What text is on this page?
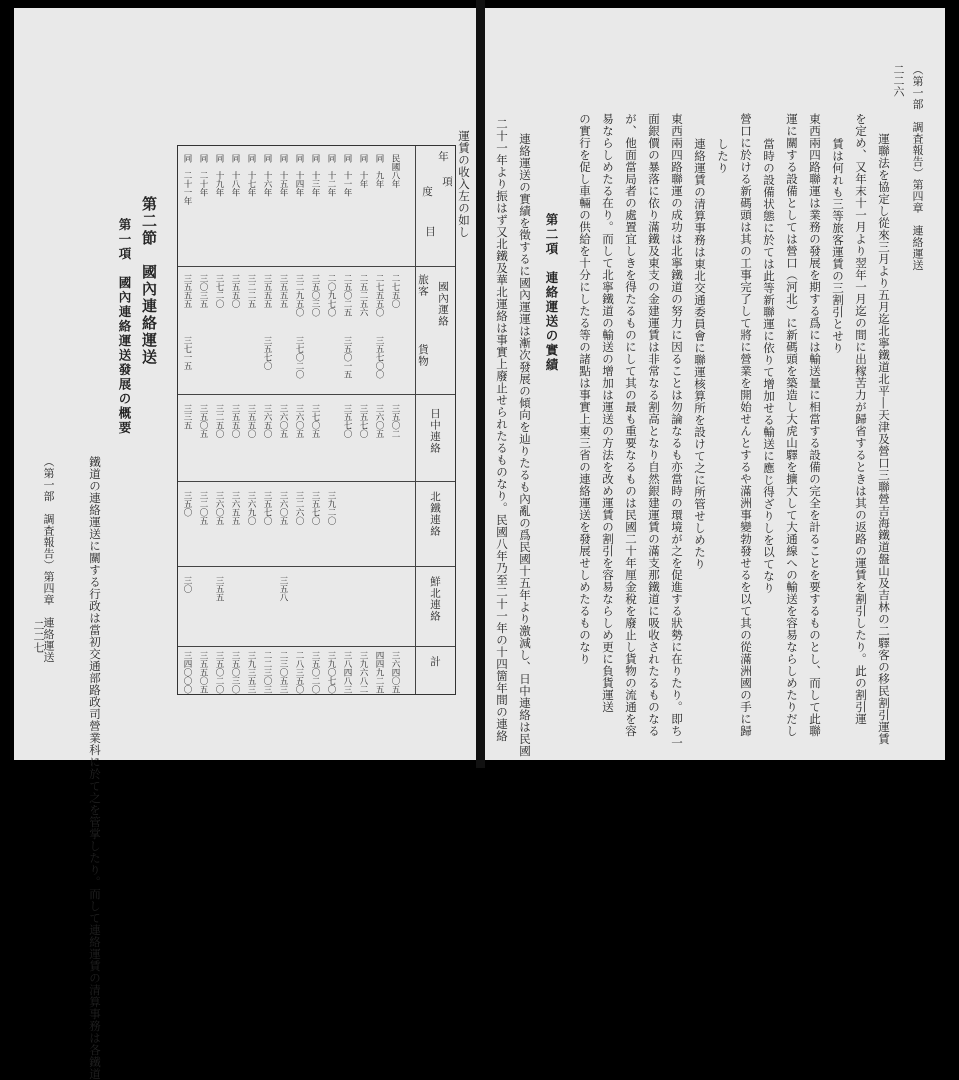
二二七
（第一部　調査報告）第四章　連絡運送	鐵道の連絡運送に關する行政は當初交通部路政司營業科に於て之を管掌したり。而して連絡運賃の清算事務は各鐵道
第一項　國內連絡運送發展の概要 第二節　國內連絡運送
運賃の收入左の如し
年
度
項
目
國內運絡
旅客
貨物
日中連絡
北鐵連絡
鮮北連絡
計
民國八年
二七五〇
三五〇二
三六四〇五
同　九年
二七五五〇
三五七〇〇
三六〇五
四四九二五
同　十年
二五二五六
三五七〇
三九六八二
同　十一年
二五〇二五
三五〇一五
三五七〇
三八四八三
同　十二年
二〇九七〇
三九二〇
三九〇七〇
同　十三年
三五〇三〇
三七〇五
三五七〇
三五〇二〇
同　十四年
三二九五〇
三七〇二〇
三六〇五
三二六〇
二八三五〇
同　十五年
三五五五
三六〇五
三六〇五
三五八
二三〇五三
同　十六年
三五五五
三五七〇
三六五〇
三五七〇
二二三〇三
同　十七年
三二二五
三五五〇
三六九〇
三九三五三
同　十八年
三五五〇
三五五〇
三六五五
三五〇三〇
同　十九年
三七二〇
三二五〇
三六〇五
三五五
三五〇二〇
同　二十年
三〇三五
三五〇五
三二〇五
三五五〇五
同　二十一年
三五五五
三七一五
三三五
三五〇
三〇
三四〇〇〇
二二六 （第一部　調査報告）第四章　連絡運送
運聯法を協定し從來三月より五月迄北寧鐵道北平―天津及營口三聯營吉海鐵道盤山及吉林の二驛客の移民割引運賃
を定め、又年末十一月より翌年一月迄の間に出稼苦力が歸省するときは其の返路の運賃を割引したり。此の割引運
賃は何れも三等旅客運賃の三割引とせり
東西兩四路聯運は業務の發展を期する爲には輸送量に相當する設備の完全を計ることを要するものとし、而して此聯
運に關する設備としては營口（河北）に新碼頭を築造し大虎山驛を擴大して大通線への輸送を容易ならしめたりだし
當時の設備状態に於ては此等新聯運に依りて增加せる輸送に應じ得ざりしを以てなり
營口に於ける新碼頭は其の工事完了して將に營業を開始せんとするや滿洲事變勃發せるを以て其の從滿洲國の手に歸
したり
連絡運賃の清算事務は東北交通委員會に聯運核算所を設けて之に所管せしめたり
東西兩四路聯運の成功は北寧鐵道の努力に因ることは勿論なるも亦當時の環境が之を促進する狀勢に在りたり。即ち一
面銀價の暴落に依り滿鐵及東支の金建運賃は非常なる割高となり自然銀建運賃の滿支那鐵道に吸收されたるものなる
が、他面當局者の處置宜しきを得たるものにして其の最も重要なるものは民國二十年厘金稅を廢止し貨物の流通を容
易ならしめたる在り。而して北寧鐵道の輸送の增加は運送の方法を改め運賃の割引を容易ならしめ更に負貨運送
の實行を促し車輛の供給を十分にしたる等の諸點は事實上東三省の連絡運送を發展せしめたるものなり
連絡運送の實績を徵するに國內運運は漸次發展の傾向を辿りたるも內亂の爲民國十五年より激減し、日中連絡は民國
二十一年より振はず又北鐵及華北運絡は事實上廢止せられたるものなり。民國八年乃至二十一年の十四箇年間の連絡	第二項　連絡運送の實績
